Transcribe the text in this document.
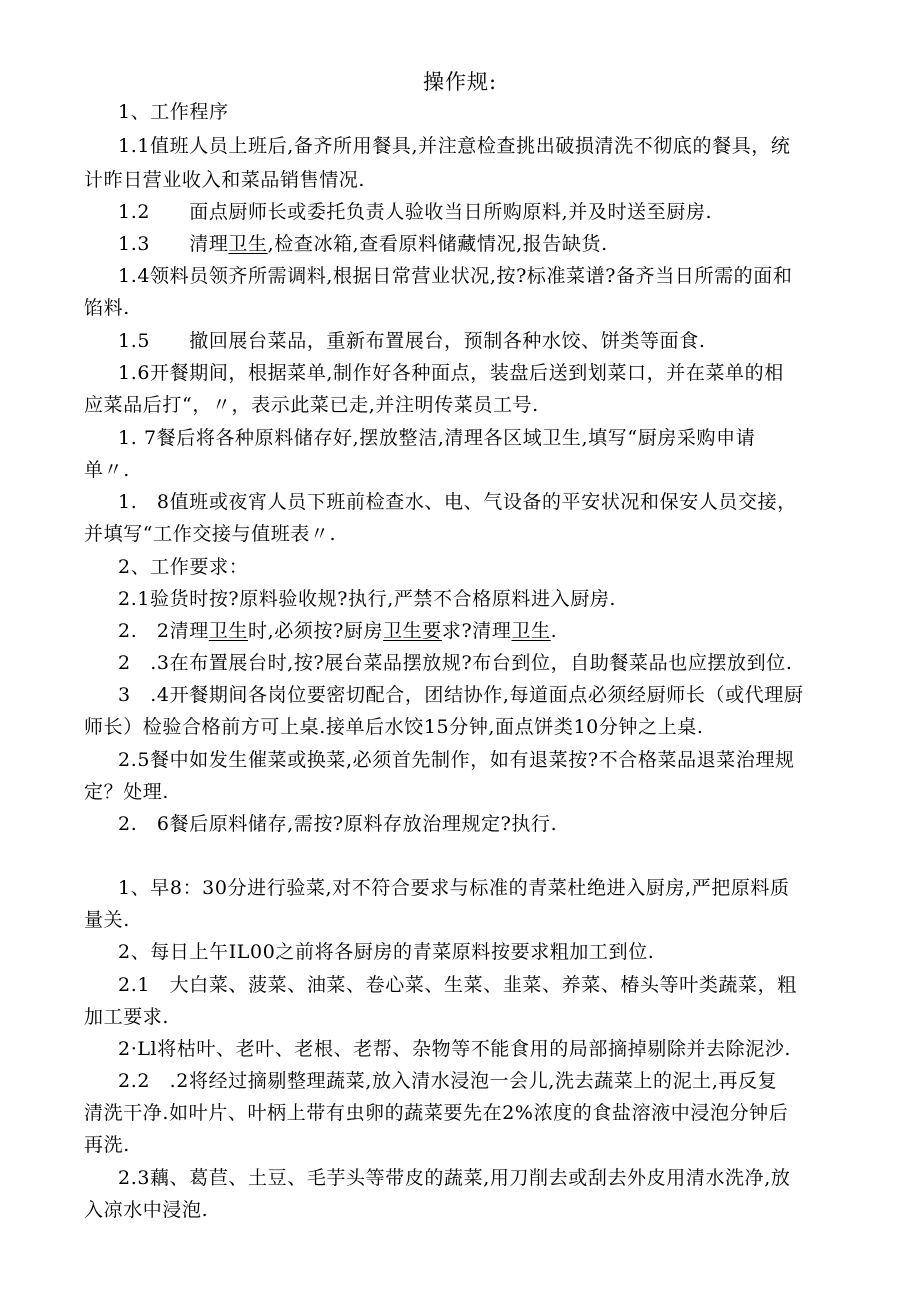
操作规:
1、工作程序
1.1值班人员上班后,备齐所用餐具,并注意检查挑出破损清洗不彻底的餐具，统
计昨日营业收入和菜品销售情况.
1.2　　面点厨师长或委托负责人验收当日所购原料,并及时送至厨房.
1.3　　清理卫生,检查冰箱,查看原料储藏情况,报告缺货.
1.4领料员领齐所需调料,根据日常营业状况,按?标准菜谱?备齐当日所需的面和
馅料.
1.5　　撤回展台菜品，重新布置展台，预制各种水饺、饼类等面食.
1.6开餐期间，根据菜单,制作好各种面点，装盘后送到划菜口，并在菜单的相
应菜品后打“，〃，表示此菜已走,并注明传菜员工号.
1. 7餐后将各种原料储存好,摆放整洁,清理各区域卫生,填写“厨房采购申请
单〃.
1.　8值班或夜宵人员下班前检查水、电、气设备的平安状况和保安人员交接，
并填写“工作交接与值班表〃.
2、工作要求：
2.1验货时按?原料验收规?执行,严禁不合格原料进入厨房.
2.　2清理卫生时,必须按?厨房卫生要求?清理卫生.
2　.3在布置展台时,按?展台菜品摆放规?布台到位，自助餐菜品也应摆放到位.
3　.4开餐期间各岗位要密切配合，团结协作,每道面点必须经厨师长（或代理厨
师长）检验合格前方可上桌.接单后水饺15分钟,面点饼类10分钟之上桌.
2.5餐中如发生催菜或换菜,必须首先制作，如有退菜按?不合格菜品退菜治理规
定？处理.
2.　6餐后原料储存,需按?原料存放治理规定?执行.
1、早8：30分进行验菜,对不符合要求与标准的青菜杜绝进入厨房,严把原料质
量关.
2、每日上午IL00之前将各厨房的青菜原料按要求粗加工到位.
2.1　大白菜、菠菜、油菜、卷心菜、生菜、韭菜、养菜、椿头等叶类蔬菜，粗
加工要求.
2·Ll将枯叶、老叶、老根、老帮、杂物等不能食用的局部摘掉剔除并去除泥沙.
2.2　.2将经过摘剔整理蔬菜,放入清水浸泡一会儿,洗去蔬菜上的泥土,再反复
清洗干净.如叶片、叶柄上带有虫卵的蔬菜要先在2%浓度的食盐溶液中浸泡分钟后
再洗.
2.3藕、葛苣、土豆、毛芋头等带皮的蔬菜,用刀削去或刮去外皮用清水洗净,放
入凉水中浸泡.
